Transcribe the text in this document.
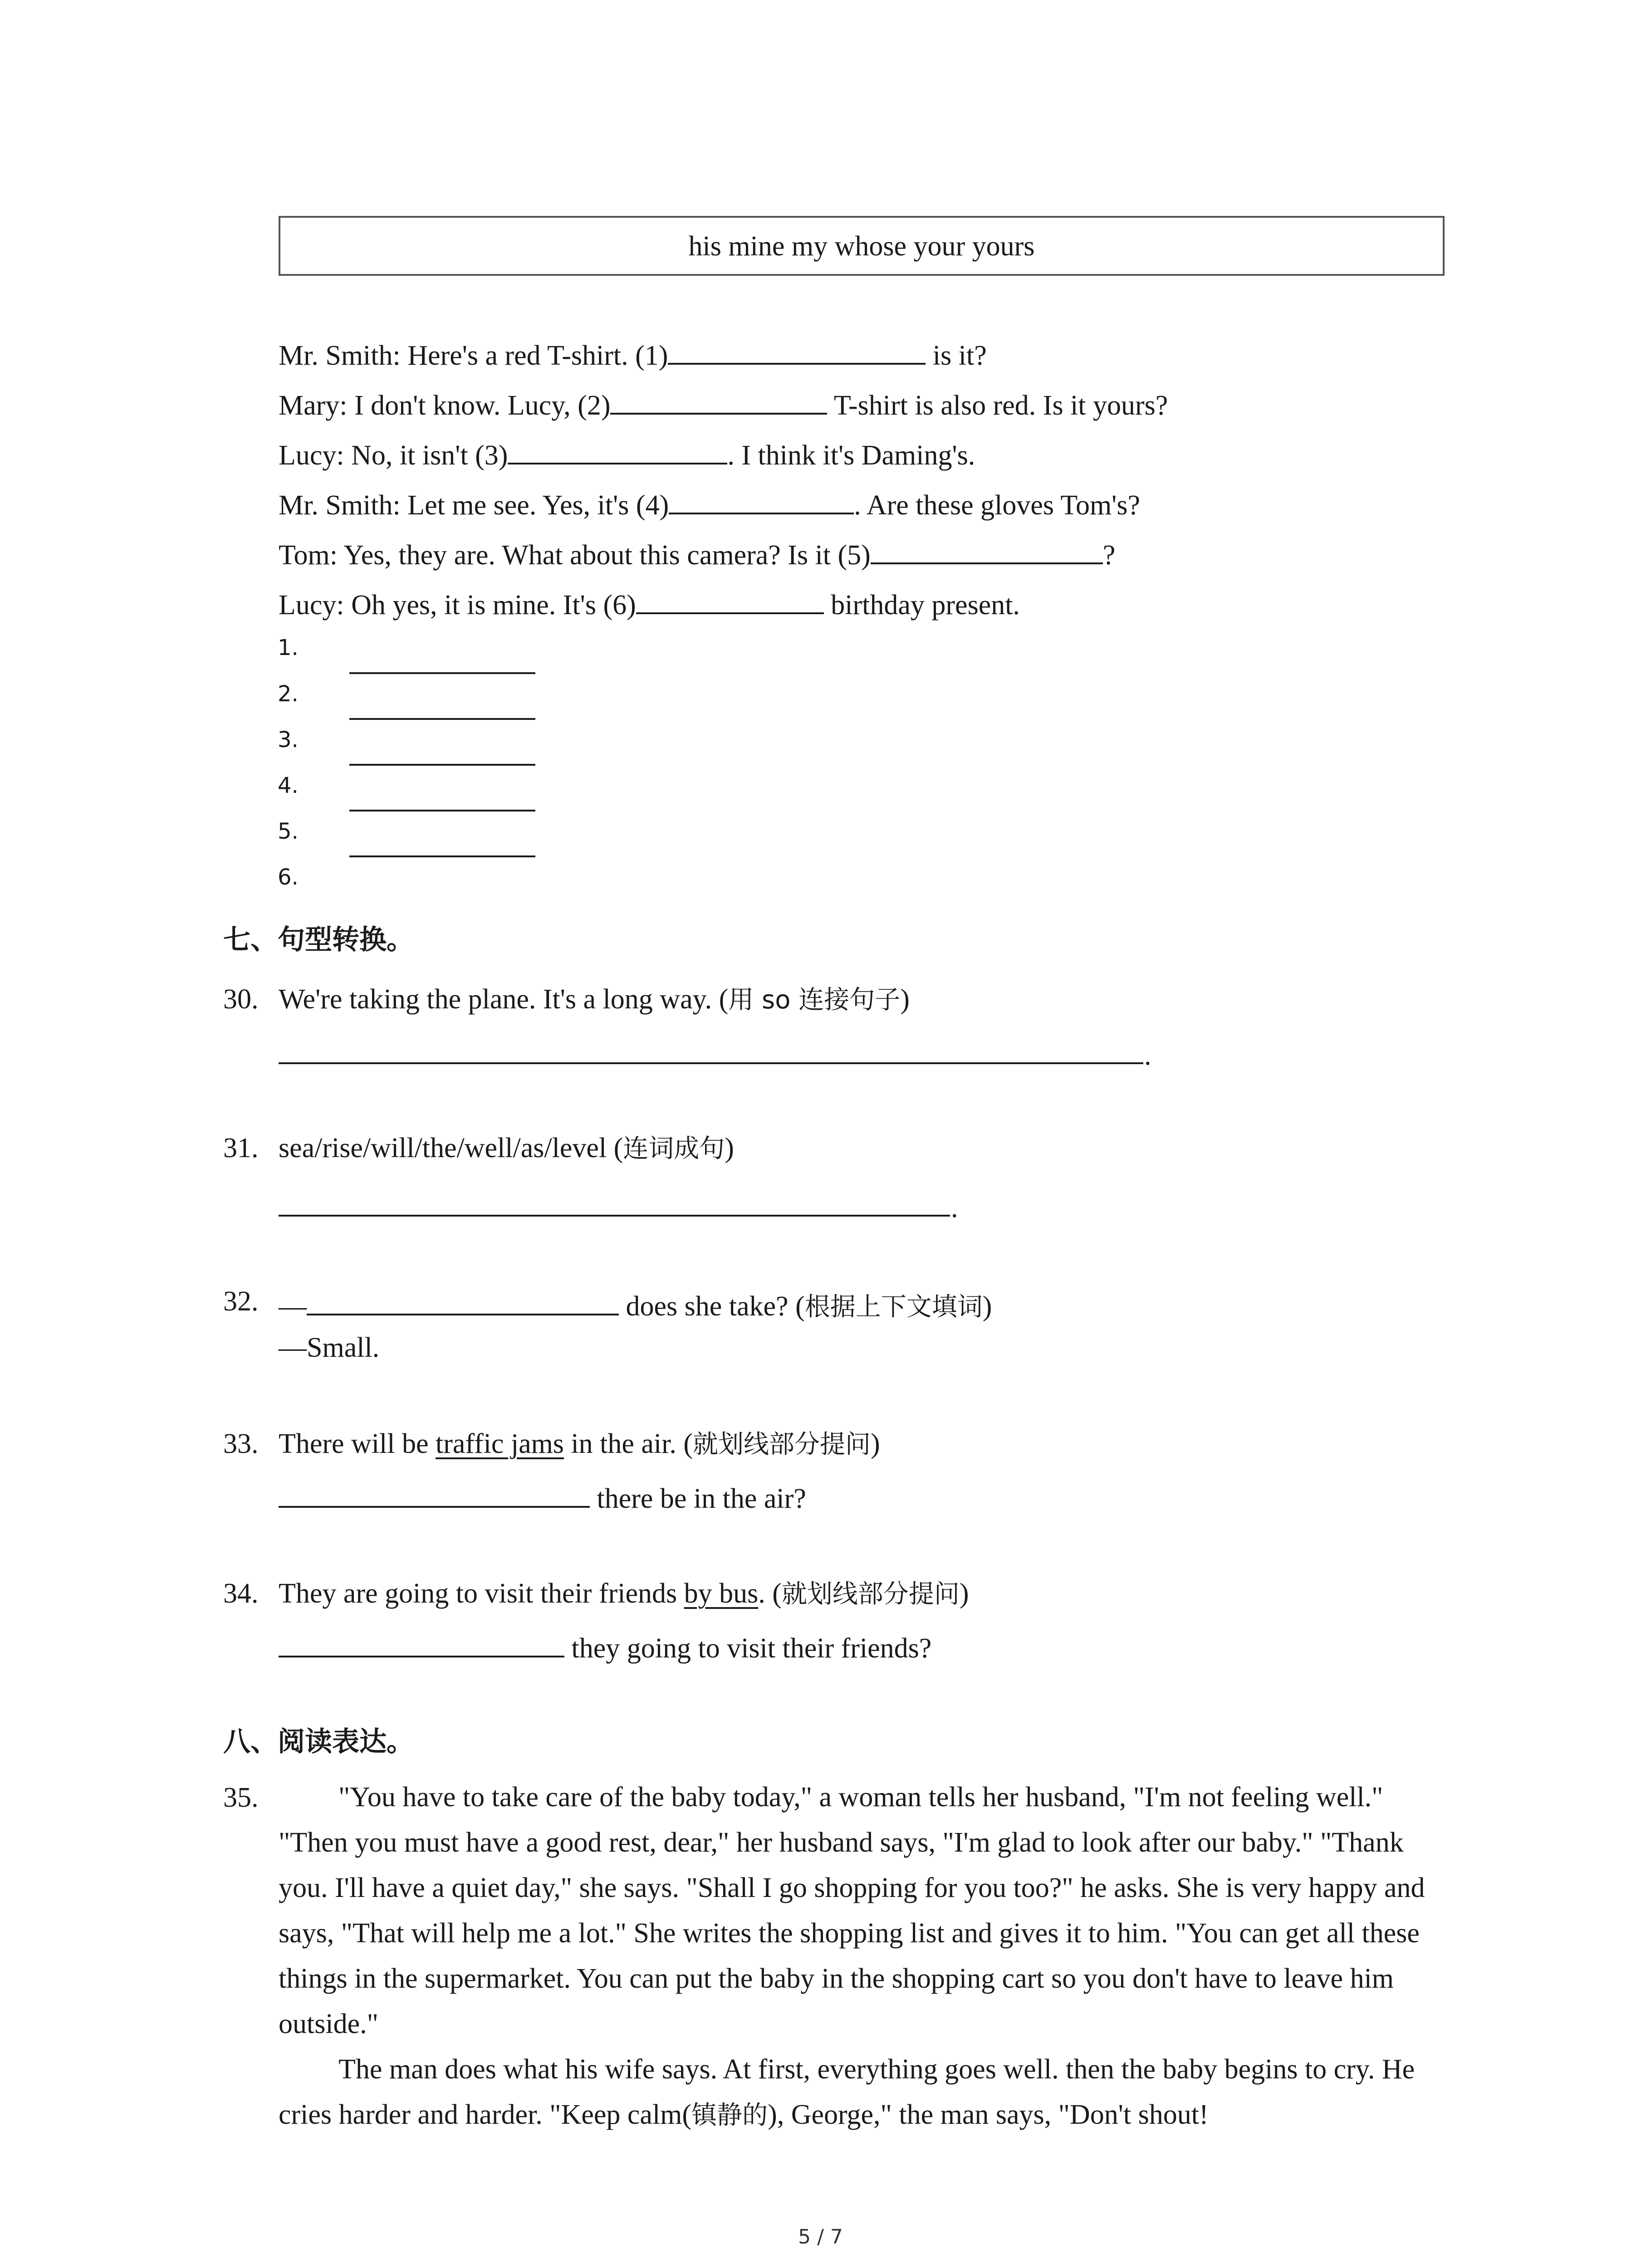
his mine my whose your yours
Mr. Smith: Here's a red T-shirt. (1)	is it?
Mary: I don't know. Lucy, (2)	T-shirt is also red. Is it yours?
Lucy: No, it isn't (3)	. I think it's Daming's.
Mr. Smith: Let me see. Yes, it's (4)	. Are these gloves Tom's?
Tom: Yes, they are. What about this camera? Is it (5)	?
Lucy: Oh yes, it is mine. It's (6)	birthday present.
1.
2.
3.
4.
5.
6.
七、句型转换。
30. We're taking the plane. It's a long way. (用 so 连接句子)
.
31. sea/rise/will/the/well/as/level (连词成句)
.
32. —	does she take? (根据上下文填词)
—Small.
33. There will be traffic jams in the air. (就划线部分提问)
there be in the air?
34. They are going to visit their friends by bus. (就划线部分提问)
they going to visit their friends?
八、阅读表达。
35.	"You have to take care of the baby today," a woman tells her husband, "I'm not feeling well." "Then you must have a good rest, dear," her husband says, "I'm glad to look after our baby." "Thank you. I'll have a quiet day," she says. "Shall I go shopping for you too?" he asks. She is very happy and says, "That will help me a lot." She writes the shopping list and gives it to him. "You can get all these things in the supermarket. You can put the baby in the shopping cart so you don't have to leave him outside."
The man does what his wife says. At first, everything goes well. then the baby begins to cry. He cries harder and harder. "Keep calm(镇静的), George," the man says, "Don't shout!
5 / 7
